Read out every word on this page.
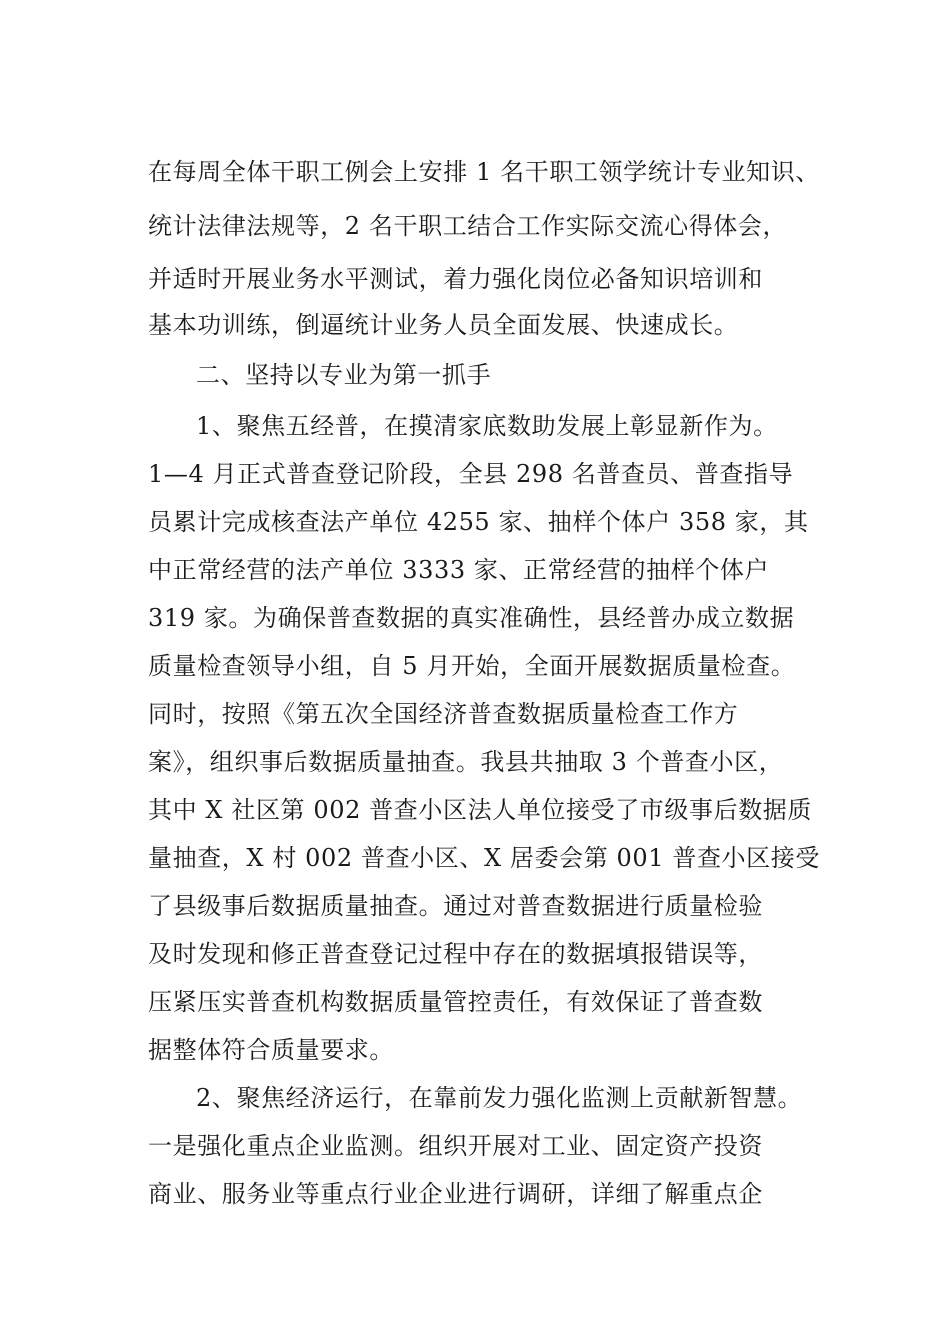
在每周全体干职工例会上安排 1 名干职工领学统计专业知识、

统计法律法规等，2 名干职工结合工作实际交流心得体会，

并适时开展业务水平测试，着力强化岗位必备知识培训和

基本功训练，倒逼统计业务人员全面发展、快速成长。

二、坚持以专业为第一抓手

1、聚焦五经普，在摸清家底数助发展上彰显新作为。

1—4 月正式普查登记阶段，全县 298 名普查员、普查指导

员累计完成核查法产单位 4255 家、抽样个体户 358 家，其

中正常经营的法产单位 3333 家、正常经营的抽样个体户

319 家。为确保普查数据的真实准确性，县经普办成立数据

质量检查领导小组，自 5 月开始，全面开展数据质量检查。

同时，按照《第五次全国经济普查数据质量检查工作方

案》，组织事后数据质量抽查。我县共抽取 3 个普查小区，

其中 X 社区第 002 普查小区法人单位接受了市级事后数据质

量抽查，X 村 002 普查小区、X 居委会第 001 普查小区接受

了县级事后数据质量抽查。通过对普查数据进行质量检验

及时发现和修正普查登记过程中存在的数据填报错误等，

压紧压实普查机构数据质量管控责任，有效保证了普查数

据整体符合质量要求。

2、聚焦经济运行，在靠前发力强化监测上贡献新智慧。

一是强化重点企业监测。组织开展对工业、固定资产投资

商业、服务业等重点行业企业进行调研，详细了解重点企
